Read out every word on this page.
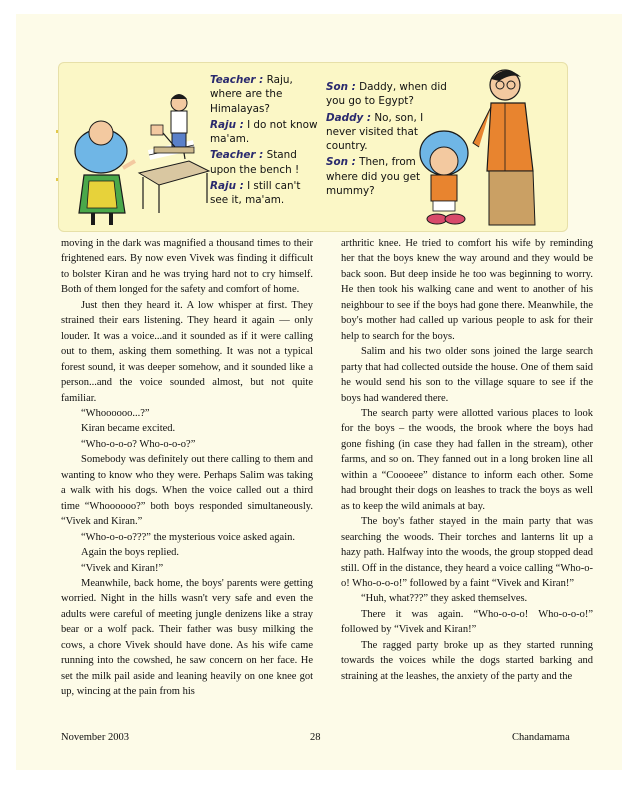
Teacher : Raju, where are the Himalayas?

Raju : I do not know ma'am.

Teacher : Stand upon the bench !

Raju : I still can't see it, ma'am.

Son : Daddy, when did you go to Egypt?

Daddy : No, son, I never visited that country.

Son : Then, from where did you get mummy?

moving in the dark was magnified a thousand times to their frightened ears. By now even Vivek was finding it difficult to bolster Kiran and he was trying hard not to cry himself. Both of them longed for the safety and comfort of home.

Just then they heard it. A low whisper at first. They strained their ears listening. They heard it again — only louder. It was a voice...and it sounded as if it were calling out to them, asking them something. It was not a typical forest sound, it was deeper somehow, and it sounded like a person...and the voice sounded almost, but not quite familiar.

“Whoooooo...?”

Kiran became excited.

“Who-o-o-o? Who-o-o-o?”

Somebody was definitely out there calling to them and wanting to know who they were. Perhaps Salim was taking a walk with his dogs. When the voice called out a third time “Whoooooo?” both boys responded simultaneously. “Vivek and Kiran.”

“Who-o-o-o???” the mysterious voice asked again.

Again the boys replied.

“Vivek and Kiran!”

Meanwhile, back home, the boys' parents were getting worried. Night in the hills wasn't very safe and even the adults were careful of meeting jungle denizens like a stray bear or a wolf pack. Their father was busy milking the cows, a chore Vivek should have done. As his wife came running into the cowshed, he saw concern on her face. He set the milk pail aside and leaning heavily on one knee got up, wincing at the pain from his

arthritic knee. He tried to comfort his wife by reminding her that the boys knew the way around and they would be back soon. But deep inside he too was beginning to worry. He then took his walking cane and went to another of his neighbour to see if the boys had gone there. Meanwhile, the boy's mother had called up various people to ask for their help to search for the boys.

Salim and his two older sons joined the large search party that had collected outside the house. One of them said he would send his son to the village square to see if the boys had wandered there.

The search party were allotted various places to look for the boys – the woods, the brook where the boys had gone fishing (in case they had fallen in the stream), other farms, and so on. They fanned out in a long broken line all within a “Coooeee” distance to inform each other. Some had brought their dogs on leashes to track the boys as well as to keep the wild animals at bay.

The boy's father stayed in the main party that was searching the woods. Their torches and lanterns lit up a hazy path. Halfway into the woods, the group stopped dead still. Off in the distance, they heard a voice calling “Who-o-o! Who-o-o-o!” followed by a faint “Vivek and Kiran!”

“Huh, what???” they asked themselves.

There it was again. “Who-o-o-o! Who-o-o-o!” followed by “Vivek and Kiran!”

The ragged party broke up as they started running towards the voices while the dogs started barking and straining at the leashes, the anxiety of the party and the

November 2003	28	Chandamama
